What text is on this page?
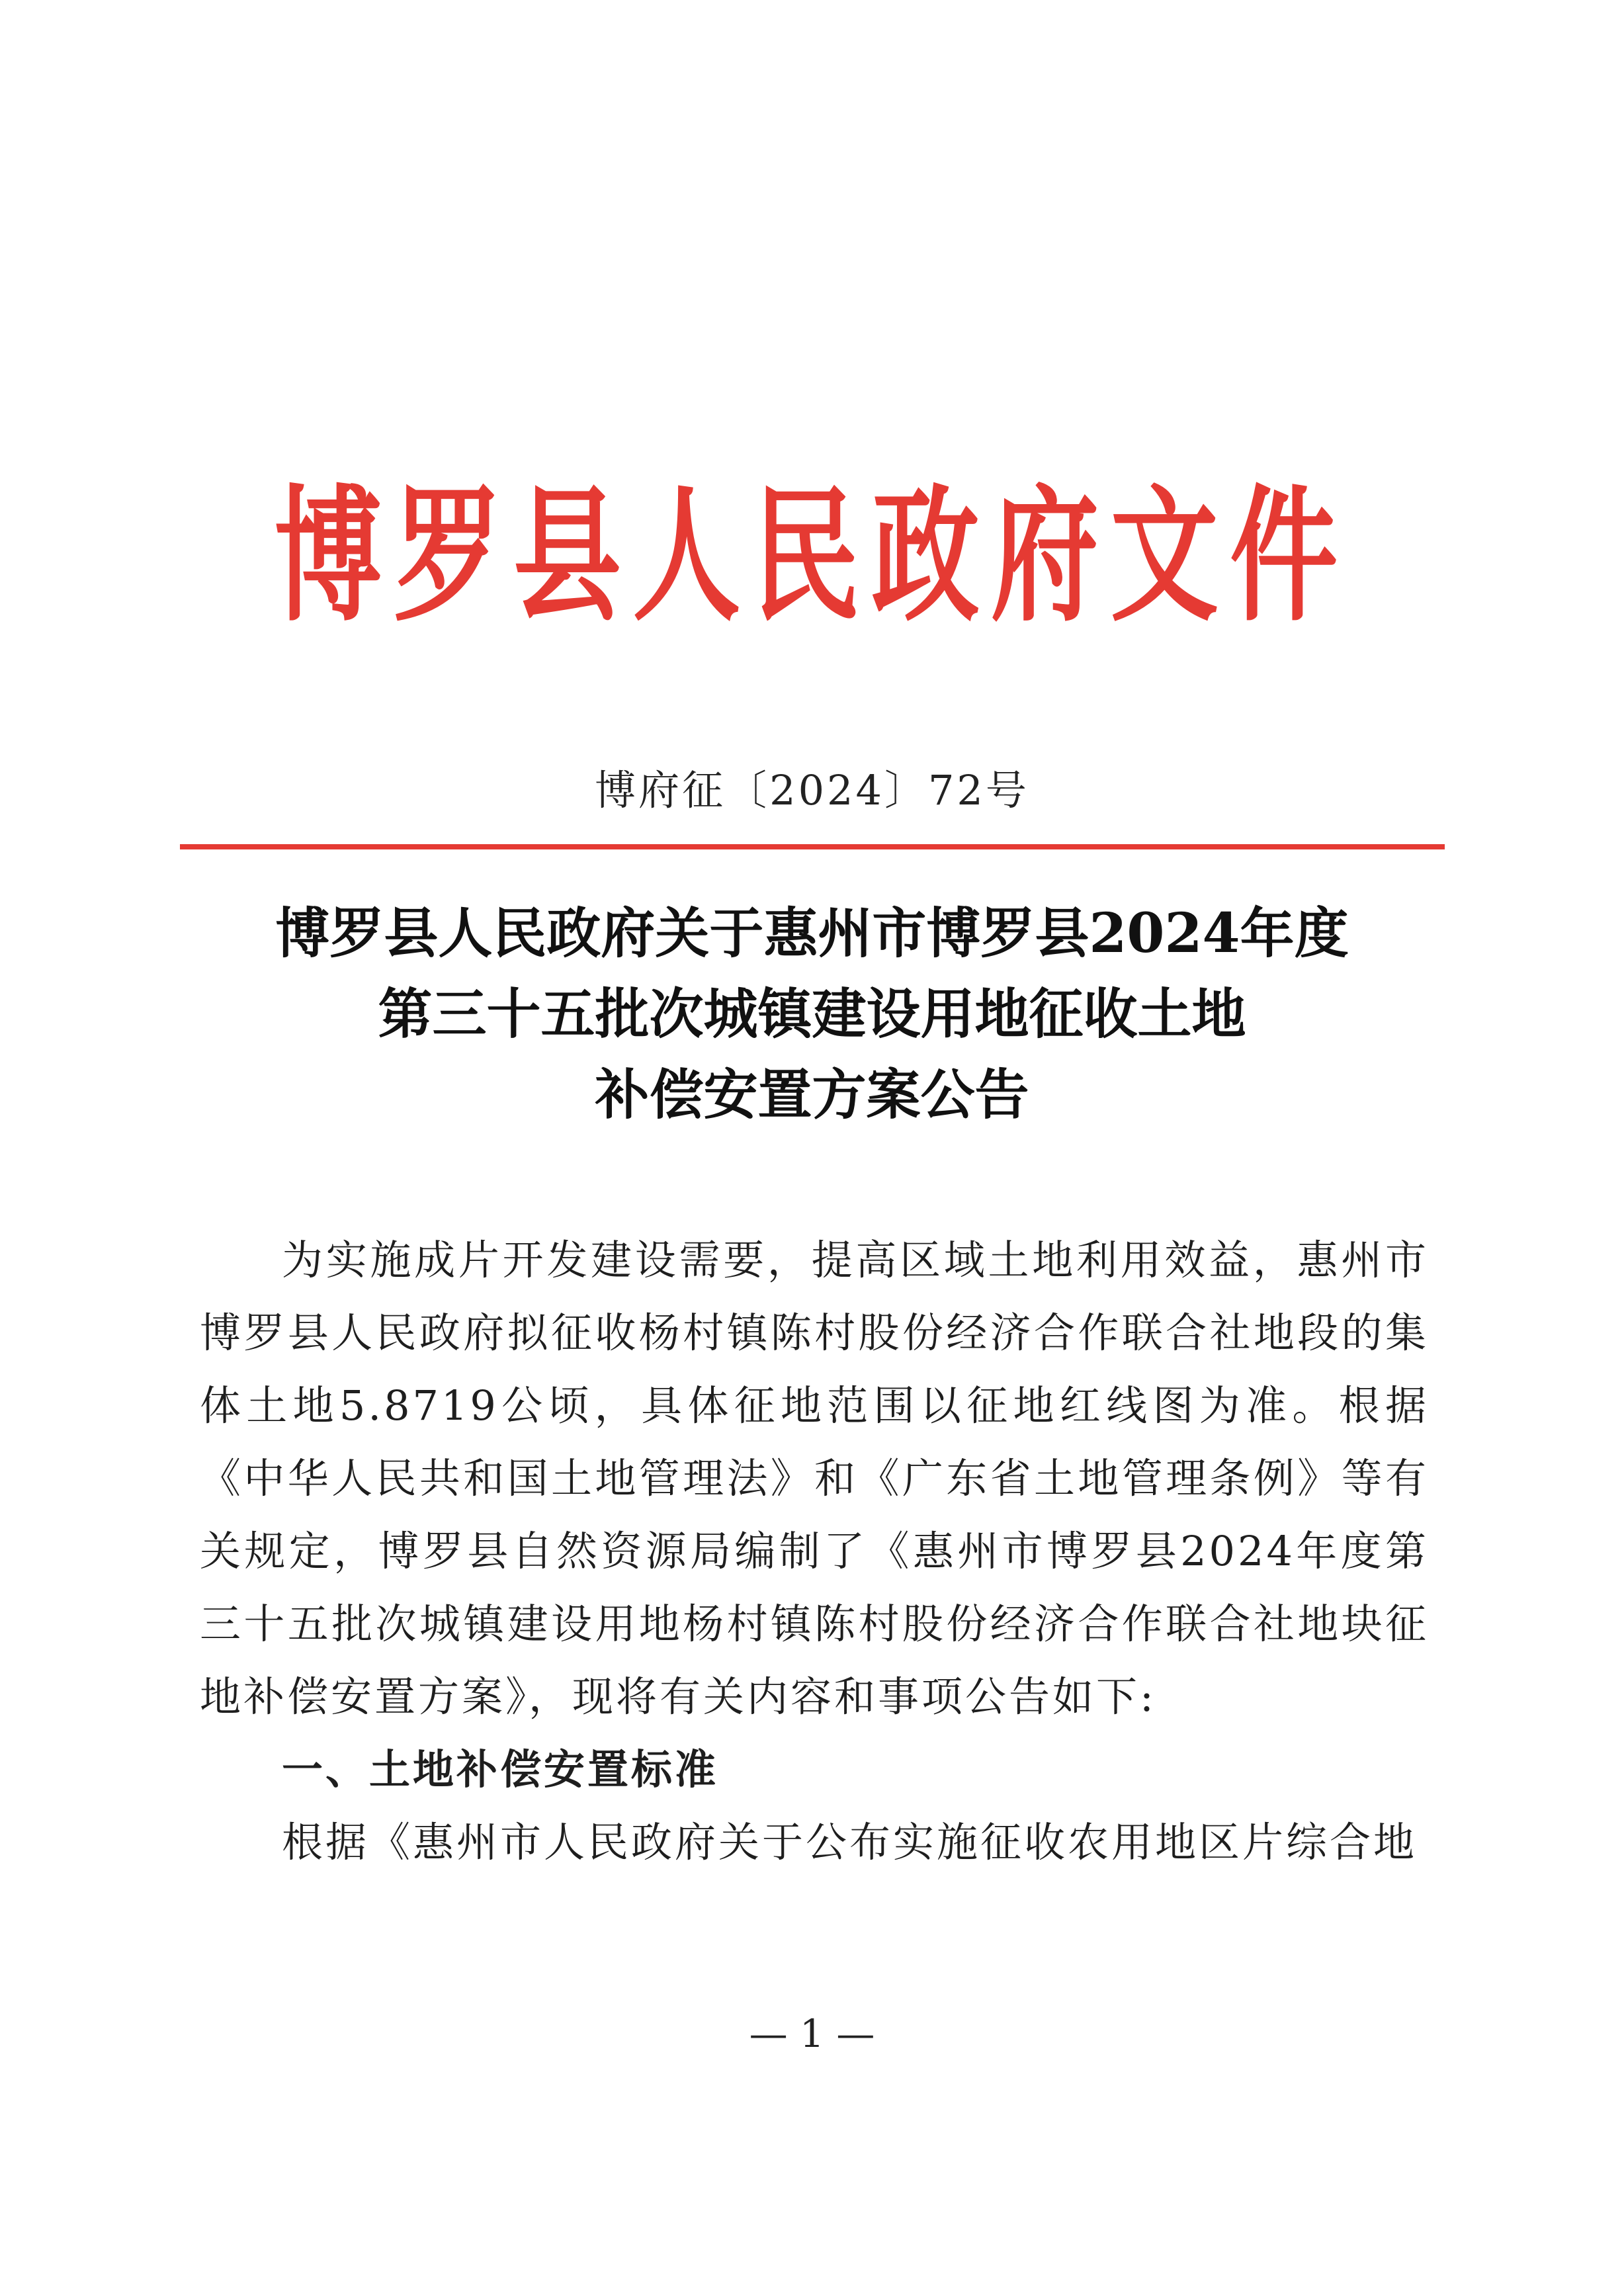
博罗县人民政府文件
博府征〔2024〕72号
博罗县人民政府关于惠州市博罗县2024年度
第三十五批次城镇建设用地征收土地
补偿安置方案公告

为实施成片开发建设需要，提高区域土地利用效益，惠州市博罗县人民政府拟征收杨村镇陈村股份经济合作联合社地段的集体土地5.8719公顷，具体征地范围以征地红线图为准。根据《中华人民共和国土地管理法》和《广东省土地管理条例》等有关规定，博罗县自然资源局编制了《惠州市博罗县2024年度第三十五批次城镇建设用地杨村镇陈村股份经济合作联合社地块征地补偿安置方案》，现将有关内容和事项公告如下:

一、土地补偿安置标准

根据《惠州市人民政府关于公布实施征收农用地区片综合地

— 1 —
